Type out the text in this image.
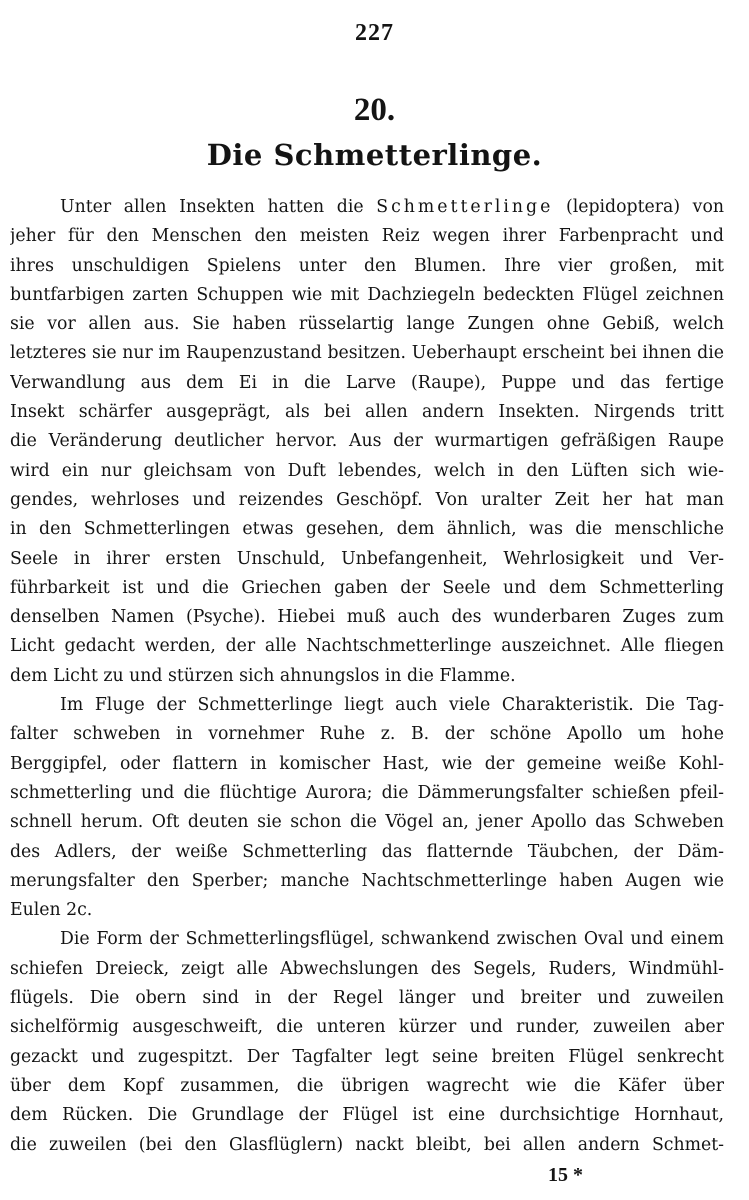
227
20.
Die Schmetterlinge.
Unter allen Insekten hatten die Schmetterlinge (lepidoptera) von
jeher für den Menschen den meisten Reiz wegen ihrer Farbenpracht und
ihres unschuldigen Spielens unter den Blumen. Ihre vier großen, mit
buntfarbigen zarten Schuppen wie mit Dachziegeln bedeckten Flügel zeichnen
sie vor allen aus. Sie haben rüsselartig lange Zungen ohne Gebiß, welch
letzteres sie nur im Raupenzustand besitzen. Ueberhaupt erscheint bei ihnen die
Verwandlung aus dem Ei in die Larve (Raupe), Puppe und das fertige
Insekt schärfer ausgeprägt, als bei allen andern Insekten. Nirgends tritt
die Veränderung deutlicher hervor. Aus der wurmartigen gefräßigen Raupe
wird ein nur gleichsam von Duft lebendes, welch in den Lüften sich wie-
gendes, wehrloses und reizendes Geschöpf. Von uralter Zeit her hat man
in den Schmetterlingen etwas gesehen, dem ähnlich, was die menschliche
Seele in ihrer ersten Unschuld, Unbefangenheit, Wehrlosigkeit und Ver-
führbarkeit ist und die Griechen gaben der Seele und dem Schmetterling
denselben Namen (Psyche). Hiebei muß auch des wunderbaren Zuges zum
Licht gedacht werden, der alle Nachtschmetterlinge auszeichnet. Alle fliegen
dem Licht zu und stürzen sich ahnungslos in die Flamme.
Im Fluge der Schmetterlinge liegt auch viele Charakteristik. Die Tag-
falter schweben in vornehmer Ruhe z. B. der schöne Apollo um hohe
Berggipfel, oder flattern in komischer Hast, wie der gemeine weiße Kohl-
schmetterling und die flüchtige Aurora; die Dämmerungsfalter schießen pfeil-
schnell herum. Oft deuten sie schon die Vögel an, jener Apollo das Schweben
des Adlers, der weiße Schmetterling das flatternde Täubchen, der Däm-
merungsfalter den Sperber; manche Nachtschmetterlinge haben Augen wie
Eulen 2c.
Die Form der Schmetterlingsflügel, schwankend zwischen Oval und einem
schiefen Dreieck, zeigt alle Abwechslungen des Segels, Ruders, Windmühl-
flügels. Die obern sind in der Regel länger und breiter und zuweilen
sichelförmig ausgeschweift, die unteren kürzer und runder, zuweilen aber
gezackt und zugespitzt. Der Tagfalter legt seine breiten Flügel senkrecht
über dem Kopf zusammen, die übrigen wagrecht wie die Käfer über
dem Rücken. Die Grundlage der Flügel ist eine durchsichtige Hornhaut,
die zuweilen (bei den Glasflüglern) nackt bleibt, bei allen andern Schmet-
15 *
